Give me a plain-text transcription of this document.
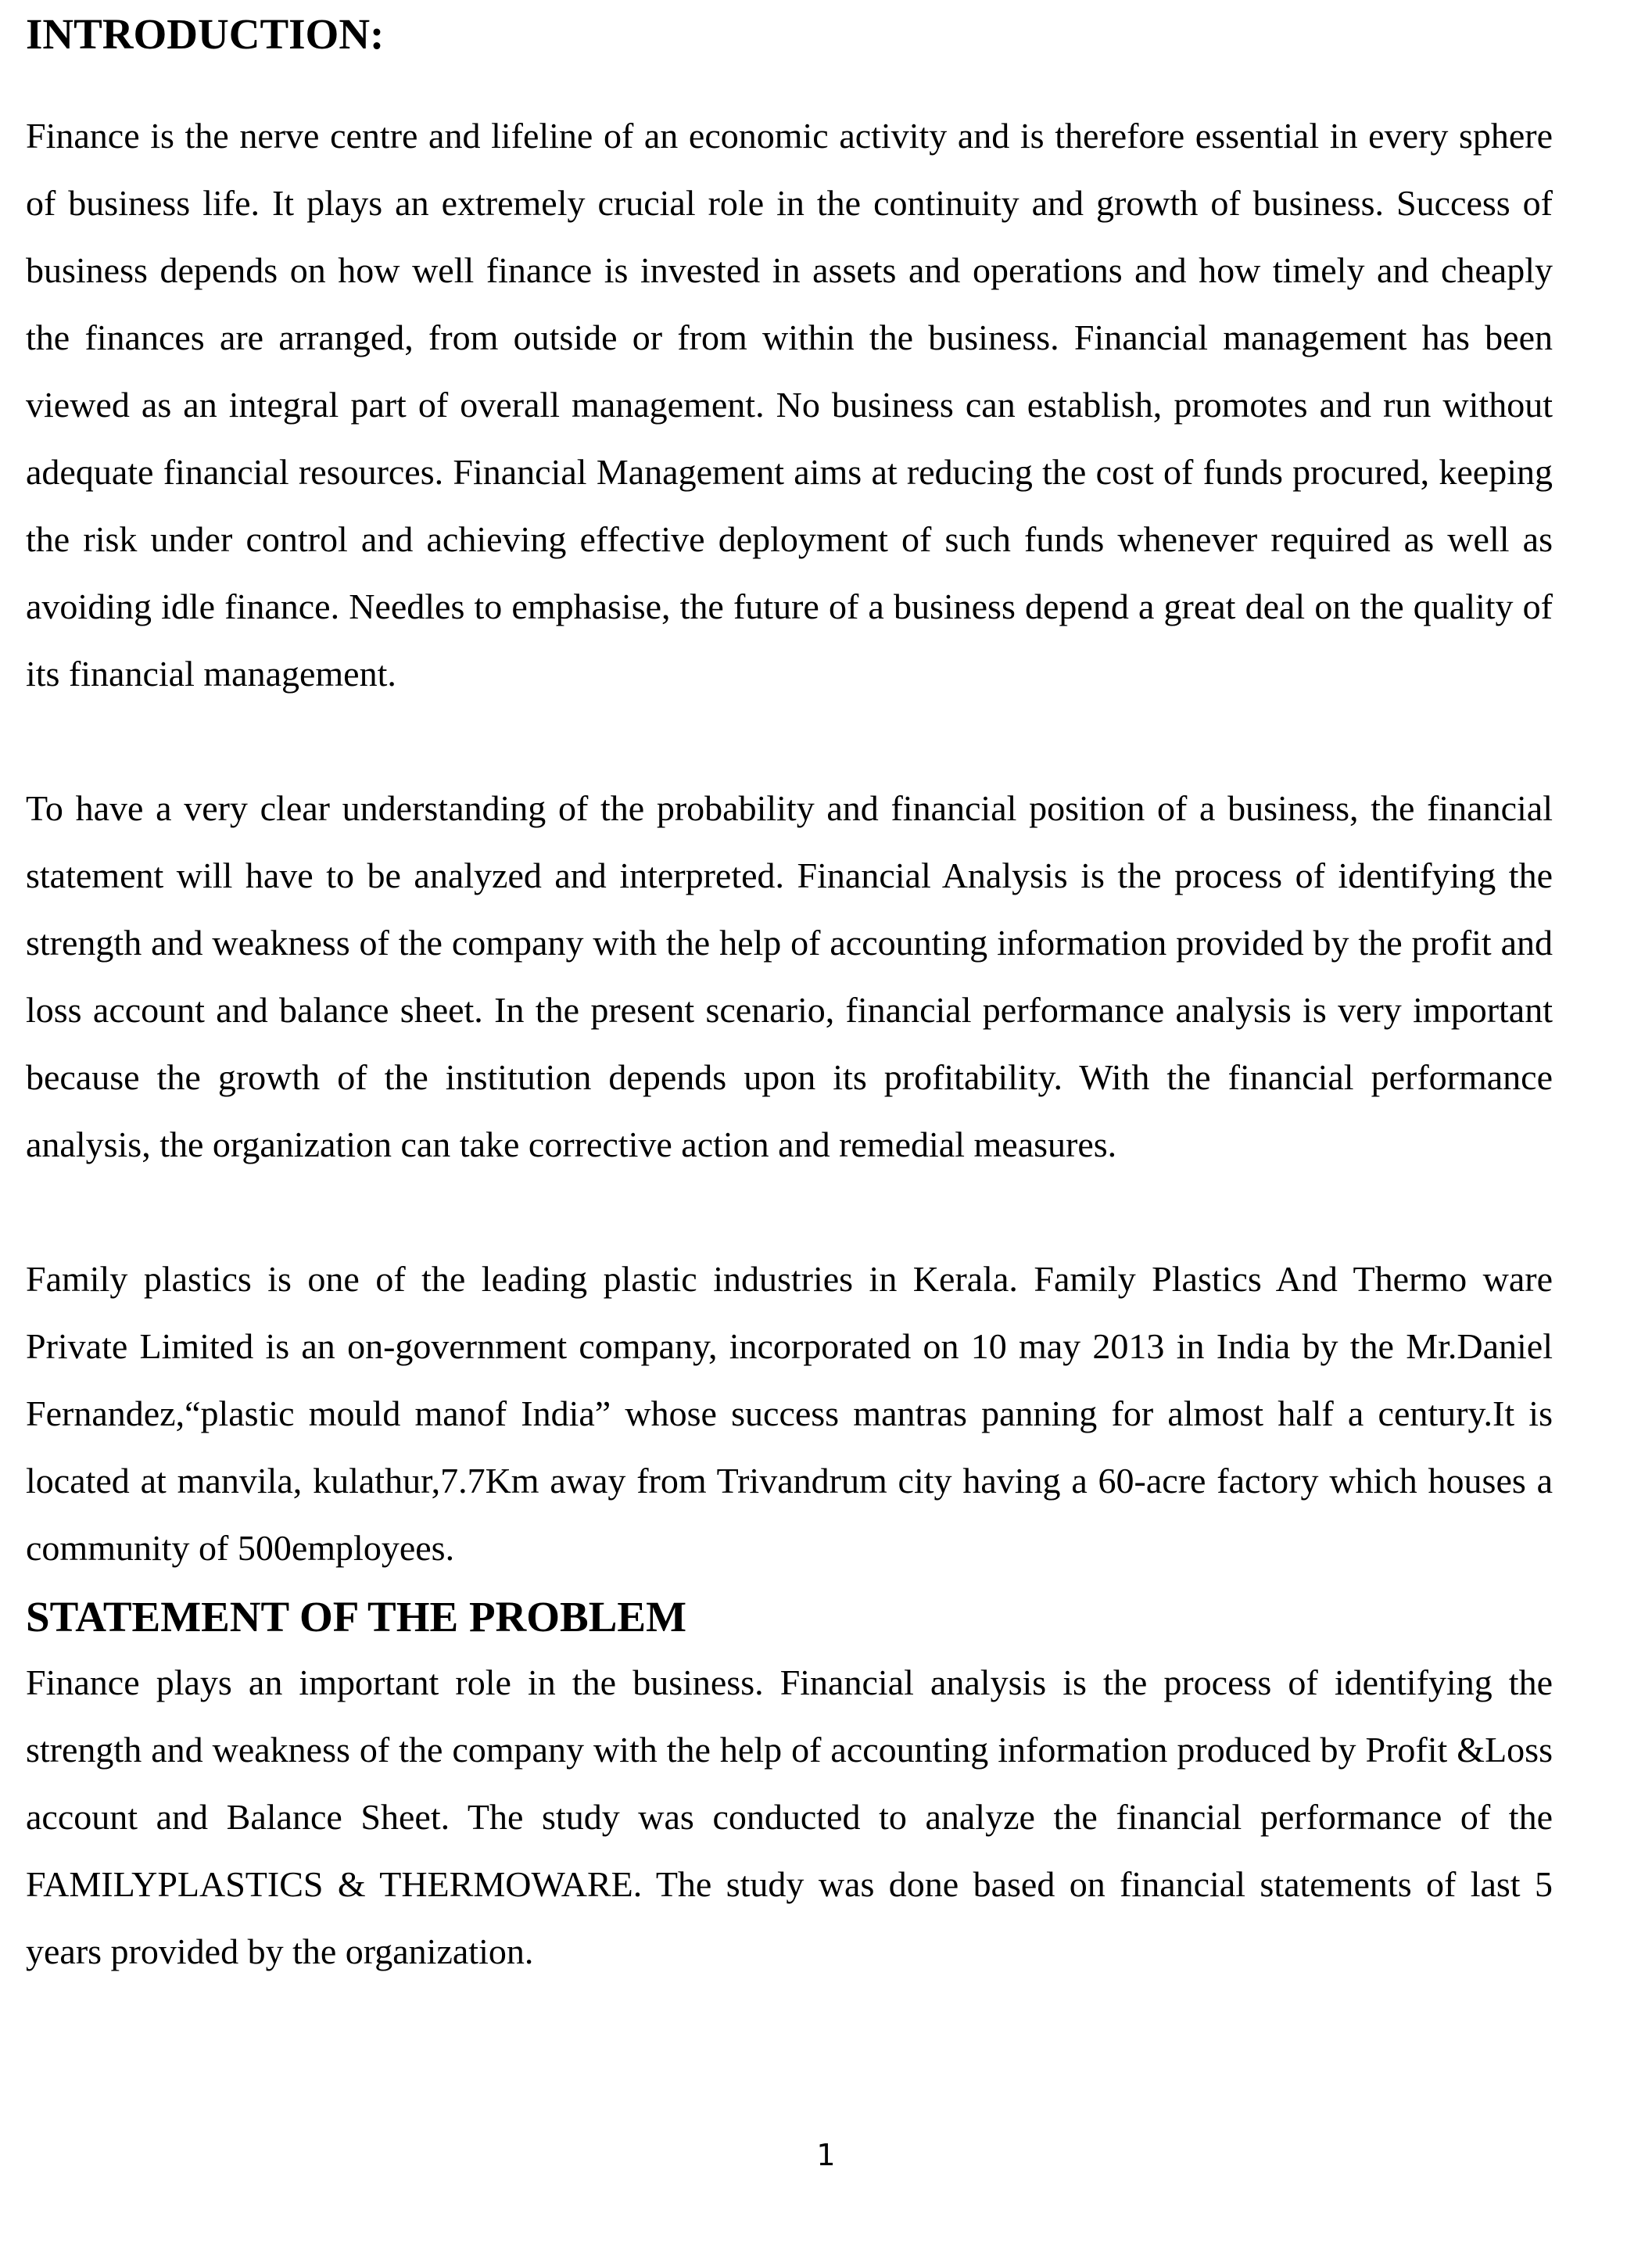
INTRODUCTION:

Finance is the nerve centre and lifeline of an economic activity and is therefore essential in every sphere of business life. It plays an extremely crucial role in the continuity and growth of business. Success of business depends on how well finance is invested in assets and operations and how timely and cheaply the finances are arranged, from outside or from within the business. Financial management has been viewed as an integral part of overall management. No business can establish, promotes and run without adequate financial resources. Financial Management aims at reducing the cost of funds procured, keeping the risk under control and achieving effective deployment of such funds whenever required as well as avoiding idle finance. Needles to emphasise, the future of a business depend a great deal on the quality of its financial management.

To have a very clear understanding of the probability and financial position of a business, the financial statement will have to be analyzed and interpreted. Financial Analysis is the process of identifying the strength and weakness of the company with the help of accounting information provided by the profit and loss account and balance sheet. In the present scenario, financial performance analysis is very important because the growth of the institution depends upon its profitability. With the financial performance analysis, the organization can take corrective action and remedial measures.

Family plastics is one of the leading plastic industries in Kerala. Family Plastics And Thermo ware Private Limited is an on-government company, incorporated on 10 may 2013 in India by the Mr.Daniel Fernandez,“plastic mould manof India” whose success mantras panning for almost half a century.It is located at manvila, kulathur,7.7Km away from Trivandrum city having a 60-acre factory which houses a community of 500employees.

STATEMENT OF THE PROBLEM

Finance plays an important role in the business. Financial analysis is the process of identifying the strength and weakness of the company with the help of accounting information produced by Profit &Loss account and Balance Sheet. The study was conducted to analyze the financial performance of the FAMILYPLASTICS & THERMOWARE. The study was done based on financial statements of last 5 years provided by the organization.

1
